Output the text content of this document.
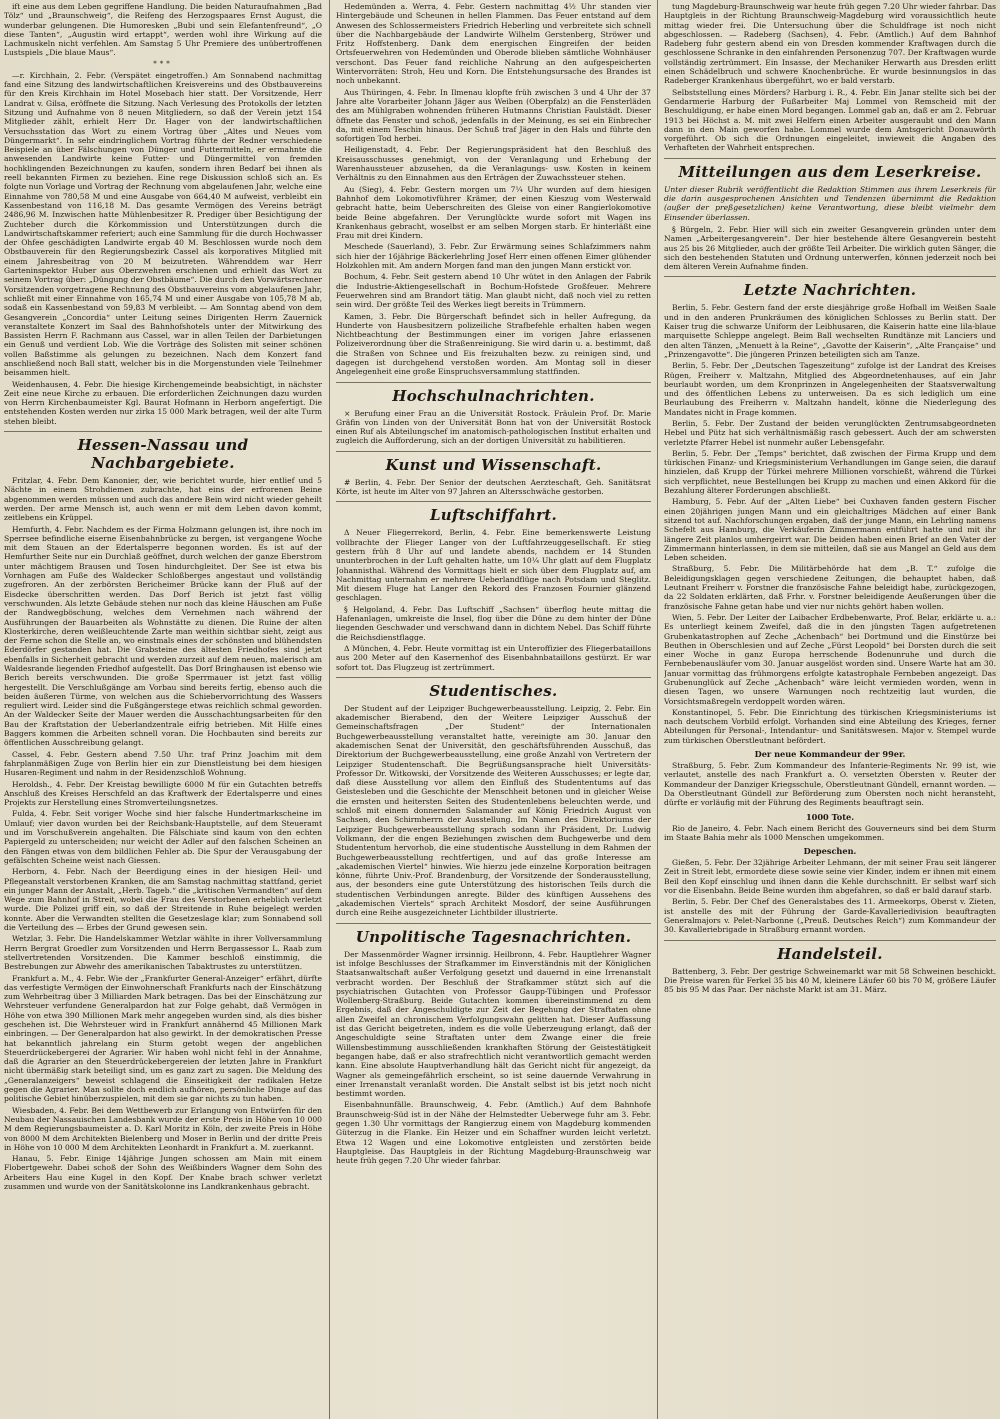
ift eine aus dem Leben gegriffene Handlung. Die beiden Naturaufnahmen „Bad Tölz“ und „Braunschweig“, die Reifeng des Herzogspaares Ernst August, die wunderbar gelungenen. Die Humoresken „Bubi und sein Elefantenfreund“, „O diese Tanten“, „Augustin wird ertappt“, werden wohl ihre Wirkung auf die Lachmuskeln nicht verfehlen. Am Samstag 5 Uhr Premiere des unübertroffenen Lustspiels „Die blaue Maus“.

***

—r. Kirchhain, 2. Febr. (Verspätet eingetroffen.) Am Sonnabend nachmittag fand eine Sitzung des landwirtschaftlichen Kreisvereins und des Obstbauvereins für den Kreis Kirchhain im Hotel Mosebach hier statt. Der Vorsitzende, Herr Landrat v. Gilsa, eröffnete die Sitzung. Nach Verlesung des Protokolls der letzten Sitzung und Aufnahme von 8 neuen Mitgliedern, so daß der Verein jetzt 154 Mitglieder zählt, erhielt Herr Dr. Hager von der landwirtschaftlichen Versuchsstation das Wort zu einem Vortrag über „Altes und Neues vom Düngermarkt“. In sehr eindringlichem Vortrag führte der Redner verschiedene Beispiele an über Fälschungen von Dünger und Futtermitteln, er ermahnte die anwesenden Landwirte keine Futter- und Düngermittel von fremden hochklingenden Bezeichnungen zu kaufen, sondern ihren Bedarf bei ihnen als reell bekannten Firmen zu beziehen. Eine rege Diskussion schloß sich an. Es folgte nun Vorlage und Vortrag der Rechnung vom abgelaufenen Jahr, welche eine Einnahme von 780,58 M und eine Ausgabe von 664,40 M aufweist, verbleibt ein Kassenbestand von 116,18 M. Das gesamte Vermögen des Vereins beträgt 2486,96 M. Inzwischen hatte Mühlenbesitzer R. Prediger über Besichtigung der Zuchteber durch die Körkommission und Unterstützungen durch die Landwirtschaftskammer referiert; auch eine Sammlung für die durch Hochwasser der Ohfee geschädigten Landwirte ergab 40 M. Beschlossen wurde noch dem Obstbauverein für den Regierungsbezirk Cassel als korporatives Mitglied mit einem Jahresbeitrag von 20 M beizutreten. Währenddem war Herr Garteninspektor Huber aus Oberzwehren erschienen und erhielt das Wort zu seinem Vortrag über: „Düngung der Obstbäume“. Die durch den Vorwärtsrechner Vorsitzenden vorgetragene Rechnung des Obstbauvereins vom abgelaufenen Jahr, schließt mit einer Einnahme von 165,74 M und einer Ausgabe von 105,78 M ab, sodaß ein Kassenbestand von 59,83 M verbleibt. — Am Sonntag abend von dem Gesangverein „Concordia“ unter Leitung seines Dirigenten Herrn Zauernick veranstaltete Konzert im Saal des Bahnhofshotels unter der Mitwirkung des Bassisten Herrn F. Rachmann aus Cassel, war in allen Teilen der Darbietungen ein Genuß und verdient Lob. Wie die Vorträge des Solisten mit seiner schönen vollen Baßstimme als gelungen zu bezeichnen. Nach dem Konzert fand anschließend noch Ball statt, welcher bis in die Morgenstunden viele Teilnehmer beisammen hielt.

Weidenhausen, 4. Febr. Die hiesige Kirchengemeinde beabsichtigt, in nächster Zeit eine neue Kirche zu erbauen. Die erforderlichen Zeichnungen dazu wurden von Herrn Kirchenbaumeister Kgl. Baurat Hofmann in Herborn angefertigt. Die entstehenden Kosten werden nur zirka 15 000 Mark betragen, weil der alte Turm stehen bleibt.

Hessen-Nassau und Nachbargebiete.

Fritzlar, 4. Febr. Dem Kanonier, der, wie berichtet wurde, hier entlief und 5 Nächte in einem Strohdiemen zubrachte, hat eins der erfrorenen Beine abgenommen werden müssen und auch das andere Bein wird nicht wieder geheilt werden. Der arme Mensch ist, auch wenn er mit dem Leben davon kommt, zeitlebens ein Krüppel.

Hemfurth, 4. Febr. Nachdem es der Firma Holzmann gelungen ist, ihre noch im Sperrsee befindliche eiserne Eisenbahnbrücke zu bergen, ist vergangene Woche mit dem Stauen an der Edertalsperre begonnen worden. Es ist auf der Hemfurther Seite nur ein Durchlaß geöffnet, durch welchen der ganze Eberstrom unter mächtigem Brausen und Tosen hindurchgleitet. Der See ist etwa bis Vornhagen am Fuße des Waldecker Schloßberges angestaut und vollständig zugefroren. An der zerbörsten Bericheimer Brücke kann der Fluß auf der Eisdecke überschritten werden. Das Dorf Berich ist jetzt fast völlig verschwunden. Als letzte Gebäude stehen nur noch das kleine Häuschen am Fuße der Randwegböschung, welches dem Vernehmen nach während der Ausführungen der Bauarbeiten als Wohnstätte zu dienen. Die Ruine der alten Klosterkirche, deren weißleuchtende Zarte man weithin sichtbar sieht, zeigt aus der Ferne schon die Stelle an, wo einstmals eines der schönsten und blühendsten Ederdörfer gestanden hat. Die Grabsteine des ältesten Friedhofes sind jetzt ebenfalls in Sicherheit gebracht und werden zurzeit auf dem neuen, malerisch am Waldesrande liegenden Friedhof aufgestellt. Das Dorf Bringhausen ist ebenso wie Berich bereits verschwunden. Die große Sperrmauer ist jetzt fast völlig hergestellt. Die Verschlußgänge am Vorbau sind bereits fertig, ebenso auch die beiden äußeren Türme, von welchen aus die Schiebervorrichtung des Wassers reguliert wird. Leider sind die Fußgängerstege etwas reichlich schmal geworden. An der Waldecker Seite der Mauer werden die Ausschachtungsarbeiten für den Bau der Kraftstation der Ueberlandzentrale eifrig betrieben. Mit Hilfe eines Baggers kommen die Arbeiten schnell voran. Die Hochbauten sind bereits zur öffentlichen Ausschreibung gelangt.

Cassel, 4. Febr. Gestern abend 7.50 Uhr. traf Prinz Joachim mit dem fahrplanmäßigen Zuge von Berlin hier ein zur Dienstleistung bei dem hiesigen Husaren-Regiment und nahm in der Residenzschloß Wohnung.

Heroldsh., 4. Febr. Der Kreistag bewilligte 6000 M für ein Gutachten betreffs Anschluß des Kreises Herschfeld an das Kraftwerk der Edertalsperre und eines Projekts zur Herstellung eines Stromverteilungsnetzes.

Fulda, 4. Febr. Seit voriger Woche sind hier falsche Hundertmarkscheine im Umlauf; vier davon wurden bei der Reichsbank-Hauptstelle, auf dem Steueramt und im Vorschußverein angehalten. Die Fälschiate sind kaum von den echten Papiergeld zu unterscheiden; nur weicht der Adler auf den falschen Scheinen an den Fängen etwas von dem bildlichen Fehler ab. Die Spur der Verausgabung der gefälschten Scheine weist nach Giessen.

Herborn, 4. Febr. Nach der Beerdigung eines in der hiesigen Heil- und Pflegeanstalt verstorbenen Kranken, die am Samstag nachmittag stattfand, geriet ein junger Mann der Anstalt, „Herb. Tageb.“ die „kritischen Vermandten“ auf dem Wege zum Bahnhof in Streit, wobei die Frau des Verstorbenen erheblich verletzt wurde. Die Polizei griff ein, so daß der Streitende in Ruhe beigelegt werden konnte. Aber die Verwandten stellten die Gesetzeslage klar; zum Sonnabend soll die Verteilung des — Erbes der Grund gewesen sein.

Wetzlar, 3. Febr. Die Handelskammer Wetzlar wählte in ihrer Vollversammlung Herrn Bergrat Groedler zum Vorsitzenden und Herrn Bergassessor L. Raab zum stellvertretenden Vorsitzenden. Die Kammer beschloß einstimmig, die Bestrebungen zur Abwehr des amerikanischen Tabaktrustes zu unterstützen.

Frankfurt a. M., 4. Febr. Wie der „Frankfurter General-Anzeiger“ erfährt, dürfte das verfestigte Vermögen der Einwohnerschaft Frankfurts nach der Einschätzung zum Wehrbeitrag über 3 Milliarden Mark betragen. Das bei der Einschätzung zur Wehrsteuer verfundene Generalpardon hat zur Folge gehabt, daß Vermögen in Höhe von etwa 390 Millionen Mark mehr angegeben wurden sind, als dies bisher geschehen ist. Die Wehrsteuer wird in Frankfurt annähernd 45 Millionen Mark einbringen. — Der Generalpardon hat also gewirkt. In der demokratischen Presse hat bekanntlich jahrelang ein Sturm getobt wegen der angeblichen Steuerdrückebergerei der Agrarier. Wir haben wohl nicht fehl in der Annahme, daß die Agrarier an den Steuerdrückebergereien der letzten Jahre in Frankfurt nicht übermäßig stark beteiligt sind, um es ganz zart zu sagen. Die Meldung des „Generalanzeigers“ beweist schlagend die Einseitigkeit der radikalen Hetze gegen die Agrarier. Man sollte doch endlich aufhören, persönliche Dinge auf das politische Gebiet hinüberzuspielen, mit dem sie gar nichts zu tun haben.

Wiesbaden, 4. Febr. Bei dem Wettbewerb zur Erlangung von Entwürfen für den Neubau der Nassauischen Landesbank wurde der erste Preis in Höhe von 10 000 M dem Regierungsbaumeister a. D. Karl Moritz in Köln, der zweite Preis in Höhe von 8000 M dem Architekten Bielenberg und Moser in Berlin und der dritte Preis in Höhe von 10 000 M dem Architekten Leonhardt in Frankfurt a. M. zuerkannt.

Hanau, 5. Febr. Einige 14jährige Jungen schossen am Main mit einem Flobertgewehr. Dabei schoß der Sohn des Weißbinders Wagner dem Sohn des Arbeiters Hau eine Kugel in den Kopf. Der Knabe brach schwer verletzt zusammen und wurde von der Sanitätskolonne ins Landkrankenhaus gebracht.

Hedemünden a. Werra, 4. Febr. Gestern nachmittag 4½ Uhr standen vier Hintergebäude und Scheunen in hellen Flammen. Das Feuer entstand auf dem Anwesen des Schlossermeisters Friedrich Heberling und verbreitete sich schnell über die Nachbargebäude der Landwirte Wilhelm Gerstenberg, Ströwer und Fritz Hoffstenberg. Dank dem energischen Eingreifen der beiden Ortsfeuerwehren von Hedemünden und Oberode blieben sämtliche Wohnhäuser verschont. Das Feuer fand reichliche Nahrung an den aufgespeicherten Wintervorräten: Stroh, Heu und Korn. Die Entstehungsursache des Brandes ist noch unbekannt.

Aus Thüringen, 4. Febr. In Ilmenau klopfte früh zwischen 3 und 4 Uhr der 37 Jahre alte Vorarbeiter Johann Jäger aus Weiben (Oberpfalz) an die Fensterläden des am Mühlgraben wohnenden früheren Hutmanns Christian Faulstädt. Dieser öffnete das Fenster und schoß, jedenfalls in der Meinung, es sei ein Einbrecher da, mit einem Teschin hinaus. Der Schuß traf Jäger in den Hals und führte den sofortigen Tod herbei.

Heiligenstadt, 4. Febr. Der Regierungspräsident hat den Beschluß des Kreisausschusses genehmigt, von der Veranlagung und Erhebung der Warenhaussteuer abzusehen, da die Veranlagungs- usw. Kosten in keinem Verhältnis zu den Einnahmen aus den Erträgen der Zuwachssteuer stehen.

Au (Sieg), 4. Febr. Gestern morgen um 7¼ Uhr wurden auf dem hiesigen Bahnhof dem Lokomotivführer Krämer, der einen Kieszug vom Westerwald gebracht hatte, beim Ueberschreiten des Gleise von einer Rangierlokomotive beide Beine abgefahren. Der Verunglückte wurde sofort mit Wagen ins Krankenhaus gebracht, woselbst er am selben Morgen starb. Er hinterläßt eine Frau mit drei Kindern.

Meschede (Sauerland), 3. Febr. Zur Erwärmung seines Schlafzimmers nahm sich hier der 16jährige Bäckerlehrling Josef Herr einen offenen Eimer glühender Holzkohlen mit. Am andern Morgen fand man den jungen Mann erstickt vor.

Bochum, 4. Febr. Seit gestern abend 10 Uhr wütet in den Anlagen der Fabrik die Industrie-Aktiengesellschaft in Bochum-Hofstede Großfeuer. Mehrere Feuerwehren sind am Brandort tätig. Man glaubt nicht, daß noch viel zu retten sein wird. Der größte Teil des Werkes liegt bereits in Trümmern.

Kamen, 3. Febr. Die Bürgerschaft befindet sich in heller Aufregung, da Hunderte von Hausbesitzern polizeiliche Strafbefehle erhalten haben wegen Nichtbeachtung der Bestimmungen einer im vorigen Jahre erlassenen Polizeiverordnung über die Straßenreinigung. Sie wird darin u. a. bestimmt, daß die Straßen von Schnee und Eis freizuhalten bezw. zu reinigen sind, und dagegen ist durchgehend verstoßen worden. Am Montag soll in dieser Angelegenheit eine große Einspruchsversammlung stattfinden.

Hochschulnachrichten.

× Berufung einer Frau an die Universität Rostock. Fräulein Prof. Dr. Marie Gräfin von Linden von der Universität Bonn hat von der Universität Rostock einen Ruf als Abteilungschef im anatomisch-pathologischen Institut erhalten und zugleich die Aufforderung, sich an der dortigen Universität zu habilitieren.

Kunst und Wissenschaft.

# Berlin, 4. Febr. Der Senior der deutschen Aerzteschaft, Geh. Sanitätsrat Körte, ist heute im Alter von 97 Jahren an Altersschwäche gestorben.

Luftschiffahrt.

Δ Neuer Fliegerrekord, Berlin, 4. Febr. Eine bemerkenswerte Leistung vollbrachte der Flieger Langer von der Luftfahrzeuggesellschaft. Er stieg gestern früh 8 Uhr auf und landete abends, nachdem er 14 Stunden ununterbrochen in der Luft gehalten hatte, um 10¼ Uhr glatt auf dem Flugplatz Johannisthal. Während des Vormittags hielt er sich über dem Flugplatz auf, am Nachmittag unternahm er mehrere Ueberlandflüge nach Potsdam und Steglitz. Mit diesem Fluge hat Langer den Rekord des Franzosen Fournier glänzend geschlagen.

§ Helgoland, 4. Febr. Das Luftschiff „Sachsen“ überflog heute mittag die Hafenanlagen, umkreiste die Insel, flog über die Düne zu dem hinter der Düne liegenden Geschwader und verschwand dann in dichtem Nebel. Das Schiff führte die Reichsdienstflagge.

Δ München, 4. Febr. Heute vormittag ist ein Unteroffizier des Fliegerbataillons aus 200 Meter auf den Kasernenhof des Eisenbahnbataillons gestürzt. Er war sofort tot. Das Flugzeug ist zertrümmert.

Studentisches.

Der Student auf der Leipziger Buchgewerbeausstellung. Leipzig, 2. Febr. Ein akademischer Bierabend, den der Weitere Leipziger Ausschuß der Gemeinschaftsfragen „Der Student“ der Internationalen Buchgewerbeausstellung veranstaltet hatte, vereinigte am 30. Januar den akademischen Senat der Universität, den geschäftsführenden Ausschuß, das Direktorium der Buchgewerbeausstellung, eine große Anzahl von Vertretern der Leipziger Studentenschaft. Die Begrüßungsansprache hielt Universitäts-Professor Dr. Witkowski, der Vorsitzende des Weiteren Ausschusses; er legte dar, daß diese Ausstellung vor allem den Einfluß des Studententums auf das Geistesleben und die Geschichte der Menschheit betonen und in gleicher Weise die ernsten und heitersten Seiten des Studentenlebens beleuchten werde, und schloß mit einem donnernden Salamander auf König Friedrich August von Sachsen, den Schirmherrn der Ausstellung. Im Namen des Direktoriums der Leipziger Buchgewerbeausstellung sprach sodann ihr Präsident, Dr. Ludwig Volkmann, der die engen Beziehungen zwischen dem Buchgewerbe und dem Studententum hervorhob, die eine studentische Ausstellung in dem Rahmen der Buchgewerbeausstellung rechtfertigen, und auf das große Interesse am „akademischen Viertel“ hinwies. Wie hierzu jede einzelne Korporation beitragen könne, führte Univ.-Prof. Brandenburg, der Vorsitzende der Sonderausstellung, aus, der besonders eine gute Unterstützung des historischen Teils durch die studentischen Verbindungen anregte. Bilder des künftigen Aussehens des „akademischen Viertels“ sprach Architekt Mosdorf, der seine Ausführungen durch eine Reihe ausgezeichneter Lichtbilder illustrierte.

Unpolitische Tagesnachrichten.

Der Massenmörder Wagner irrsinnig. Heilbronn, 4. Febr. Hauptlehrer Wagner ist infolge Beschlusses der Strafkammer im Einverständnis mit der Königlichen Staatsanwaltschaft außer Verfolgung gesetzt und dauernd in eine Irrenanstalt verbracht worden. Der Beschluß der Strafkammer stützt sich auf die psychiatrischen Gutachten von Professor Gaupp-Tübingen und Professor Wollenberg-Straßburg. Beide Gutachten kommen übereinstimmend zu dem Ergebnis, daß der Angeschuldigte zur Zeit der Begehung der Straftaten ohne allen Zweifel an chronischem Verfolgungswahn gelitten hat. Dieser Auffassung ist das Gericht beigetreten, indem es die volle Ueberzeugung erlangt, daß der Angeschuldigte seine Straftaten unter dem Zwange einer die freie Willensbestimmung ausschließenden krankhaften Störung der Geistestätigkeit begangen habe, daß er also strafrechtlich nicht verantwortlich gemacht werden kann. Eine absolute Hauptverhandlung hält das Gericht nicht für angezeigt, da Wagner als gemeingefährlich erscheint, so ist seine dauernde Verwahrung in einer Irrenanstalt veranlaßt worden. Die Anstalt selbst ist bis jetzt noch nicht bestimmt worden.

Eisenbahnunfälle. Braunschweig, 4. Febr. (Amtlich.) Auf dem Bahnhofe Braunschweig-Süd ist in der Nähe der Helmstedter Ueberwege fuhr am 3. Febr. gegen 1.30 Uhr vormittags der Rangierzug einem von Magdeburg kommenden Güterzug in die Flanke. Ein Heizer und ein Schaffner wurden leicht verletzt. Etwa 12 Wagen und eine Lokomotive entgleisten und zerstörten beide Hauptgleise. Das Hauptgleis in der Richtung Magdeburg-Braunschweig war heute früh gegen 7.20 Uhr wieder fahrbar.

tung Magdeburg-Braunschweig war heute früh gegen 7.20 Uhr wieder fahrbar. Das Hauptgleis in der Richtung Braunschweig-Magdeburg wird voraussichtlich heute mittag wieder frei. Die Untersuchung über die Schuldfrage ist noch nicht abgeschlossen. — Radeberg (Sachsen), 4. Febr. (Amtlich.) Auf dem Bahnhof Radeberg fuhr gestern abend ein von Dresden kommender Kraftwagen durch die geschlossene Schranke in den einfahrenden Personenzug 707. Der Kraftwagen wurde vollständig zertrümmert. Ein Insasse, der Mechaniker Herwarth aus Dresden erlitt einen Schädelbruch und schwere Knochenbrüche. Er wurde besinnungslos in das Radeberger Krankenhaus übergeführt, wo er bald verstarb.

Selbststellung eines Mörders? Harburg i. R., 4. Febr. Ein Janar stellte sich bei der Gendarmerie Harburg der Fußarbeiter Maj Lommel von Remscheid mit der Beschuldigung, er habe einen Mord begangen. Lommel gab an, daß er am 2. Februar 1913 bei Höchst a. M. mit zwei Helfern einen Arbeiter ausgeraubt und den Mann dann in den Main geworfen habe. Lommel wurde dem Amtsgericht Donauwörth vorgeführt. Ob sich die Ordnungen eingeleitet, inwieweit die Angaben des Verhafteten der Wahrheit entsprechen.

Mitteilungen aus dem Leserkreise.

Unter dieser Rubrik veröffentlicht die Redaktion Stimmen aus ihrem Leserkreis für die darin ausgesprochenen Ansichten und Tendenzen übernimmt die Redaktion (außer der preßgesetzlichen) keine Verantwortung, diese bleibt vielmehr dem Einsender überlassen.

§ Bürgeln, 2. Febr. Hier will sich ein zweiter Gesangverein gründen unter dem Namen „Arbeitergesangverein“. Der hier bestehende ältere Gesangverein besteht aus 25 bis 26 Mitglieder, auch der größte Teil Arbeiter. Die wirklich guten Sänger, die sich den bestehenden Statuten und Ordnung unterwerfen, können jederzeit noch bei dem älteren Verein Aufnahme finden.

Letzte Nachrichten.

Berlin, 5. Febr. Gestern fand der erste diesjährige große Hofball im Weißen Saale und in den anderen Prunkräumen des königlichen Schlosses zu Berlin statt. Der Kaiser trug die schwarze Uniform der Leibhusaren, die Kaiserin hatte eine lila-blaue marquisette Schleppe angelegt. Beim Ball wechselten Rundtänze mit Lanciers und den alten Tänzen, „Menuett à la Reine“, „Gavotte der Kaiserin“, „Alte Française“ und „Prinzengavotte“. Die jüngeren Prinzen beteiligten sich am Tanze.

Berlin, 5. Febr. Der „Deutschen Tageszeitung“ zufolge ist der Landrat des Kreises Rügen, Freiherr v. Maltzahn, Mitglied des Abgeordnetenhauses, auf ein Jahr beurlaubt worden, um dem Kronprinzen in Angelegenheiten der Staatsverwaltung und des öffentlichen Lebens zu unterweisen. Da es sich lediglich um eine Beurlaubung des Freiherrn v. Maltzahn handelt, könne die Niederlegung des Mandates nicht in Frage kommen.

Berlin, 5. Febr. Der Zustand der beiden verunglückten Zentrumsabgeordneten Hebel und Pütz hat sich verhältnismäßig rasch gebessert. Auch der am schwersten verletzte Pfarrer Hebel ist nunmehr außer Lebensgefahr.

Berlin, 5. Febr. Der „Temps“ berichtet, daß zwischen der Firma Krupp und dem türkischen Finanz- und Kriegsministerium Verhandlungen im Gange seien, die darauf hinzielen, daß Krupp der Türkei mehrere Millionen vorschießt, während die Türkei sich verpflichtet, neue Bestellungen bei Krupp zu machen und einen Akkord für die Bezahlung älterer Forderungen abschließt.

Hamburg, 5. Febr. Auf der „Alten Liebe“ bei Cuxhaven fanden gestern Fischer einen 20jährigen jungen Mann und ein gleichaltriges Mädchen auf einer Bank sitzend tot auf. Nachforschungen ergaben, daß der junge Mann, ein Lehrling namens Schefelt aus Hamburg, die Verkäuferin Zimmermann entführt hatte und mit ihr längere Zeit planlos umhergeirrt war. Die beiden haben einen Brief an den Vater der Zimmermann hinterlassen, in dem sie mitteilen, daß sie aus Mangel an Geld aus dem Leben scheiden.

Straßburg, 5. Febr. Die Militärbehörde hat dem „B. T.“ zufolge die Beleidigungsklagen gegen verschiedene Zeitungen, die behauptet haben, daß Leutnant Freiherr v. Forstner die französische Fahne beleidigt habe, zurückgezogen, da 22 Soldaten erklärten, daß Frhr. v. Forstner beleidigende Aeußerungen über die französische Fahne getan habe und vier nur nichts gehört haben wollen.

Wien, 5. Febr. Der Leiter der Laibacher Erdbebenwarte, Prof. Belar, erklärte u. a.: Es unterliegt keinem Zweifel, daß die in den jüngsten Tagen aufgetretenen Grubenkatastrophen auf Zeche „Achenbach“ bei Dortmund und die Einstürze bei Beuthen in Oberschlesien und auf Zeche „Fürst Leopold“ bei Dorsten durch die seit einer Woche in ganz Europa herrschende Bodenunruhe und durch die Fernbebenausläufer vom 30. Januar ausgelöst worden sind. Unsere Warte hat am 30. Januar vormittag das frühmorgens erfolgte katastrophale Fernbeben angezeigt. Das Grubenunglück auf Zeche „Achenbach“ wäre leicht vermieden worden, wenn in diesen Tagen, wo unsere Warnungen noch rechtzeitig laut wurden, die Vorsichtsmaßregeln verdoppelt worden wären.

Konstantinopel, 5. Febr. Die Einrichtung des türkischen Kriegsministeriums ist nach deutschem Vorbild erfolgt. Vorhanden sind eine Abteilung des Krieges, ferner Abteilungen für Personal-, Intendantur- und Sanitätswesen. Major v. Stempel wurde zum türkischen Oberstleutnant befördert.

Der neue Kommandeur der 99er.

Straßburg, 5. Febr. Zum Kommandeur des Infanterie-Regiments Nr. 99 ist, wie verlautet, anstelle des nach Frankfurt a. O. versetzten Obersten v. Reuter der Kommandeur der Danziger Kriegsschule, Oberstleutnant Gündell, ernannt worden. — Da Oberstleutnant Gündell zur Beförderung zum Obersten noch nicht heransteht, dürfte er vorläufig mit der Führung des Regiments beauftragt sein.

1000 Tote.

Rio de Janeiro, 4. Febr. Nach einem Bericht des Gouverneurs sind bei dem Sturm im Staate Bahia mehr als 1000 Menschen umgekommen.

Depeschen.

Gießen, 5. Febr. Der 32jährige Arbeiter Lehmann, der mit seiner Frau seit längerer Zeit in Streit lebt, ermordete diese sowie seine vier Kinder, indem er ihnen mit einem Beil den Kopf einschlug und ihnen dann die Kehle durchschnitt. Er selbst warf sich vor die Eisenbahn. Beide Beine wurden ihm abgefahren, so daß er bald darauf starb.

Berlin, 5. Febr. Der Chef des Generalstabes des 11. Armeekorps, Oberst v. Zieten, ist anstelle des mit der Führung der Garde-Kavalleriedivision beauftragten Generalmajors v. Pelet-Narbonne („Preuß. Deutsches Reich“) zum Kommandeur der 30. Kavalleriebrigade in Straßburg ernannt worden.

Handelsteil.

Battenberg, 3. Febr. Der gestrige Schweinemarkt war mit 58 Schweinen beschickt. Die Preise waren für Ferkel 35 bis 40 M, kleinere Läufer 60 bis 70 M, größere Läufer 85 bis 95 M das Paar. Der nächste Markt ist am 31. März.
